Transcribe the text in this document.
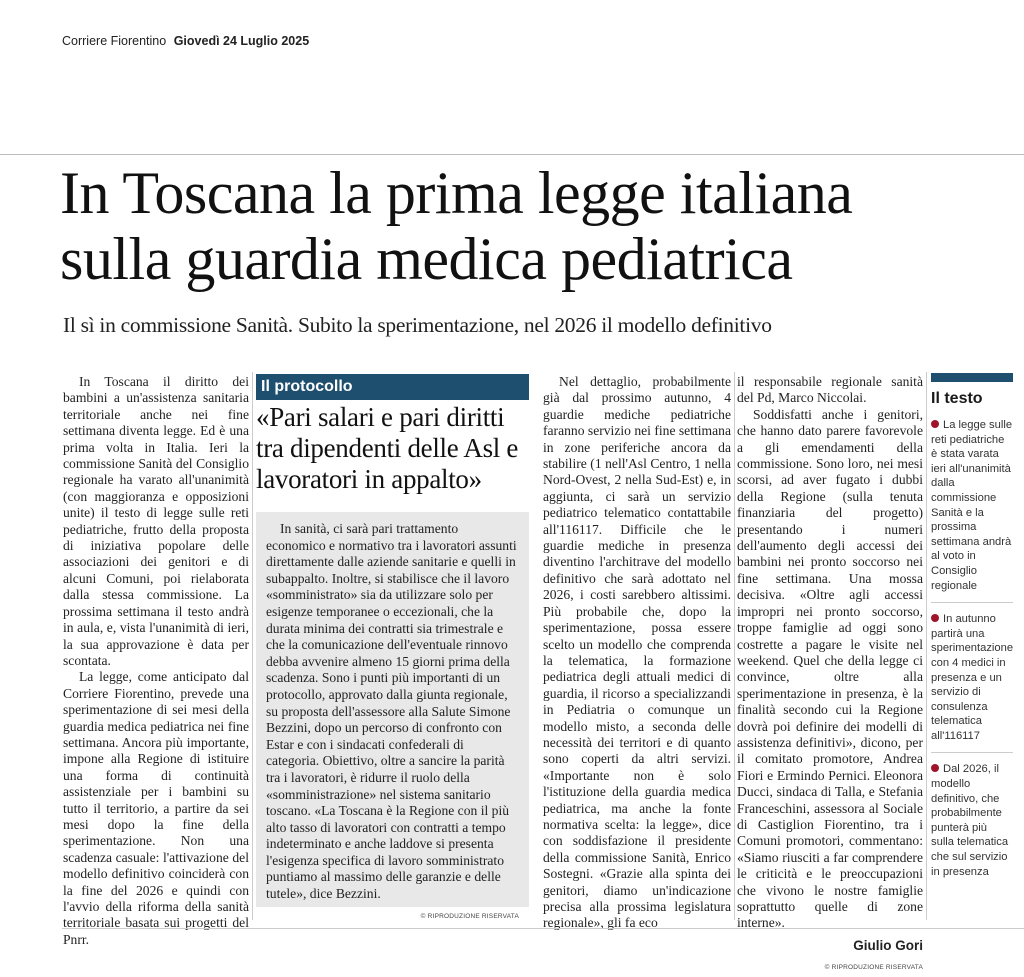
Corriere Fiorentino Giovedì 24 Luglio 2025
In Toscana la prima legge italiana
sulla guardia medica pediatrica
Il sì in commissione Sanità. Subito la sperimentazione, nel 2026 il modello definitivo

In Toscana il diritto dei bambini a un'assistenza sanitaria territoriale anche nei fine settimana diventa legge. Ed è una prima volta in Italia. Ieri la commissione Sanità del Consiglio regionale ha varato all'unanimità (con maggioranza e opposizioni unite) il testo di legge sulle reti pediatriche, frutto della proposta di iniziativa popolare delle associazioni dei genitori e di alcuni Comuni, poi rielaborata dalla stessa commissione. La prossima settimana il testo andrà in aula, e, vista l'unanimità di ieri, la sua approvazione è data per scontata.

La legge, come anticipato dal Corriere Fiorentino, prevede una sperimentazione di sei mesi della guardia medica pediatrica nei fine settimana. Ancora più importante, impone alla Regione di istituire una forma di continuità assistenziale per i bambini su tutto il territorio, a partire da sei mesi dopo la fine della sperimentazione. Non una scadenza casuale: l'attivazione del modello definitivo coinciderà con la fine del 2026 e quindi con l'avvio della riforma della sanità territoriale basata sui progetti del Pnrr.

Il protocollo
«Pari salari e pari diritti tra dipendenti delle Asl e lavoratori in appalto»

In sanità, ci sarà pari trattamento economico e normativo tra i lavoratori assunti direttamente dalle aziende sanitarie e quelli in subappalto. Inoltre, si stabilisce che il lavoro «somministrato» sia da utilizzare solo per esigenze temporanee o eccezionali, che la durata minima dei contratti sia trimestrale e che la comunicazione dell'eventuale rinnovo debba avvenire almeno 15 giorni prima della scadenza. Sono i punti più importanti di un protocollo, approvato dalla giunta regionale, su proposta dell'assessore alla Salute Simone Bezzini, dopo un percorso di confronto con Estar e con i sindacati confederali di categoria. Obiettivo, oltre a sancire la parità tra i lavoratori, è ridurre il ruolo della «somministrazione» nel sistema sanitario toscano. «La Toscana è la Regione con il più alto tasso di lavoratori con contratti a tempo indeterminato e anche laddove si presenta l'esigenza specifica di lavoro somministrato puntiamo al massimo delle garanzie e delle tutele», dice Bezzini.

© RIPRODUZIONE RISERVATA

Nel dettaglio, probabilmente già dal prossimo autunno, 4 guardie mediche pediatriche faranno servizio nei fine settimana in zone periferiche ancora da stabilire (1 nell'Asl Centro, 1 nella Nord-Ovest, 2 nella Sud-Est) e, in aggiunta, ci sarà un servizio pediatrico telematico contattabile all'116117. Difficile che le guardie mediche in presenza diventino l'architrave del modello definitivo che sarà adottato nel 2026, i costi sarebbero altissimi. Più probabile che, dopo la sperimentazione, possa essere scelto un modello che comprenda la telematica, la formazione pediatrica degli attuali medici di guardia, il ricorso a specializzandi in Pediatria o comunque un modello misto, a seconda delle necessità dei territori e di quanto sono coperti da altri servizi. «Importante non è solo l'istituzione della guardia medica pediatrica, ma anche la fonte normativa scelta: la legge», dice con soddisfazione il presidente della commissione Sanità, Enrico Sostegni. «Grazie alla spinta dei genitori, diamo un'indicazione precisa alla prossima legislatura regionale», gli fa eco

il responsabile regionale sanità del Pd, Marco Niccolai.

Soddisfatti anche i genitori, che hanno dato parere favorevole a gli emendamenti della commissione. Sono loro, nei mesi scorsi, ad aver fugato i dubbi della Regione (sulla tenuta finanziaria del progetto) presentando i numeri dell'aumento degli accessi dei bambini nei pronto soccorso nei fine settimana. Una mossa decisiva. «Oltre agli accessi impropri nei pronto soccorso, troppe famiglie ad oggi sono costrette a pagare le visite nel weekend. Quel che della legge ci convince, oltre alla sperimentazione in presenza, è la finalità secondo cui la Regione dovrà poi definire dei modelli di assistenza definitivi», dicono, per il comitato promotore, Andrea Fiori e Ermindo Pernici. Eleonora Ducci, sindaca di Talla, e Stefania Franceschini, assessora al Sociale di Castiglion Fiorentino, tra i Comuni promotori, commentano: «Siamo riusciti a far comprendere le criticità e le preoccupazioni che vivono le nostre famiglie soprattutto quelle di zone interne».

Giulio Gori
© RIPRODUZIONE RISERVATA
Il testo
La legge sulle reti pediatriche è stata varata ieri all'unanimità dalla commissione Sanità e la prossima settimana andrà al voto in Consiglio regionale
In autunno partirà una sperimentazione con 4 medici in presenza e un servizio di consulenza telematica all'116117
Dal 2026, il modello definitivo, che probabilmente punterà più sulla telematica che sul servizio in presenza
